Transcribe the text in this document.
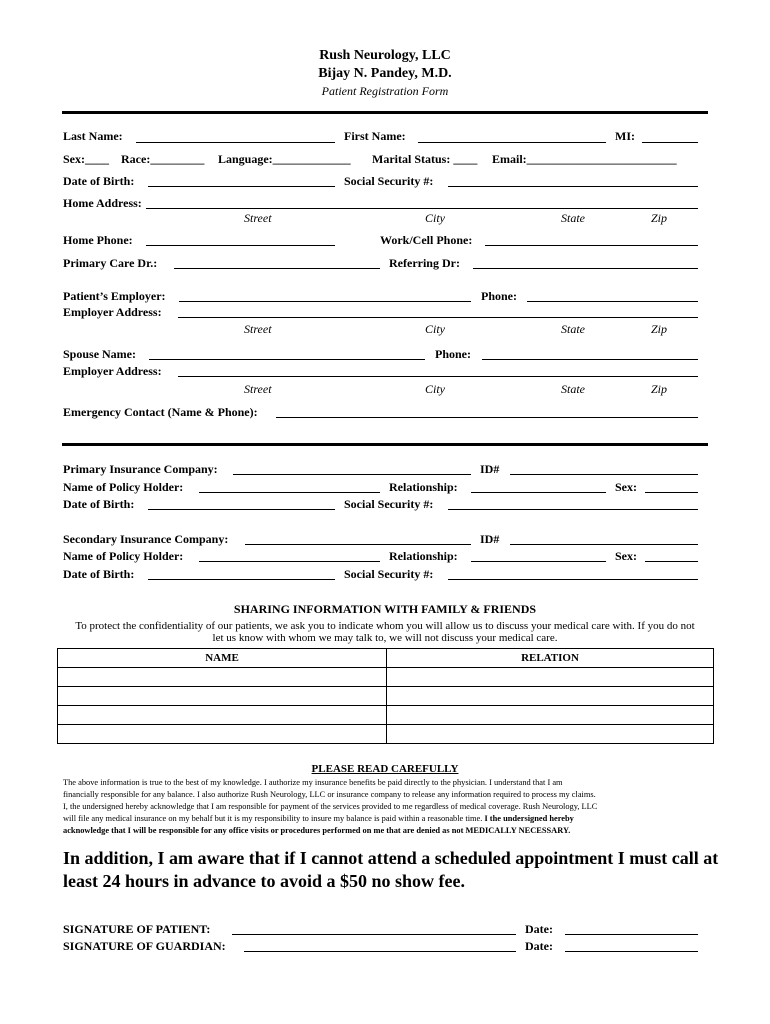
Rush Neurology, LLC
Bijay N. Pandey, M.D.
Patient Registration Form
Last Name:	First Name:	MI:
Sex:____ Race:_________ Language:_____________ Marital Status: ____ Email:_________________________
Date of Birth:	Social Security #:
Home Address:
Street	City	State	Zip
Home Phone:	Work/Cell Phone:
Primary Care Dr.:	Referring Dr:
Patient’s Employer:	Phone:
Employer Address:
Street	City	State	Zip
Spouse Name:	Phone:
Employer Address:
Street	City	State	Zip
Emergency Contact (Name & Phone):
Primary Insurance Company:	ID#
Name of Policy Holder:	Relationship:	Sex:
Date of Birth:	Social Security #:
Secondary Insurance Company:	ID#
Name of Policy Holder:	Relationship:	Sex:
Date of Birth:	Social Security #:
SHARING INFORMATION WITH FAMILY & FRIENDS
To protect the confidentiality of our patients, we ask you to indicate whom you will allow us to discuss your medical care with. If you do not
let us know with whom we may talk to, we will not discuss your medical care.
NAME	RELATION

PLEASE READ CAREFULLY
The above information is true to the best of my knowledge. I authorize my insurance benefits be paid directly to the physician. I understand that I am
financially responsible for any balance. I also authorize Rush Neurology, LLC or insurance company to release any information required to process my claims.
I, the undersigned hereby acknowledge that I am responsible for payment of the services provided to me regardless of medical coverage. Rush Neurology, LLC
will file any medical insurance on my behalf but it is my responsibility to insure my balance is paid within a reasonable time. I the undersigned hereby
acknowledge that I will be responsible for any office visits or procedures performed on me that are denied as not MEDICALLY NECESSARY.
In addition, I am aware that if I cannot attend a scheduled appointment I must call at
least 24 hours in advance to avoid a $50 no show fee.
SIGNATURE OF PATIENT:	Date:
SIGNATURE OF GUARDIAN:	Date:
